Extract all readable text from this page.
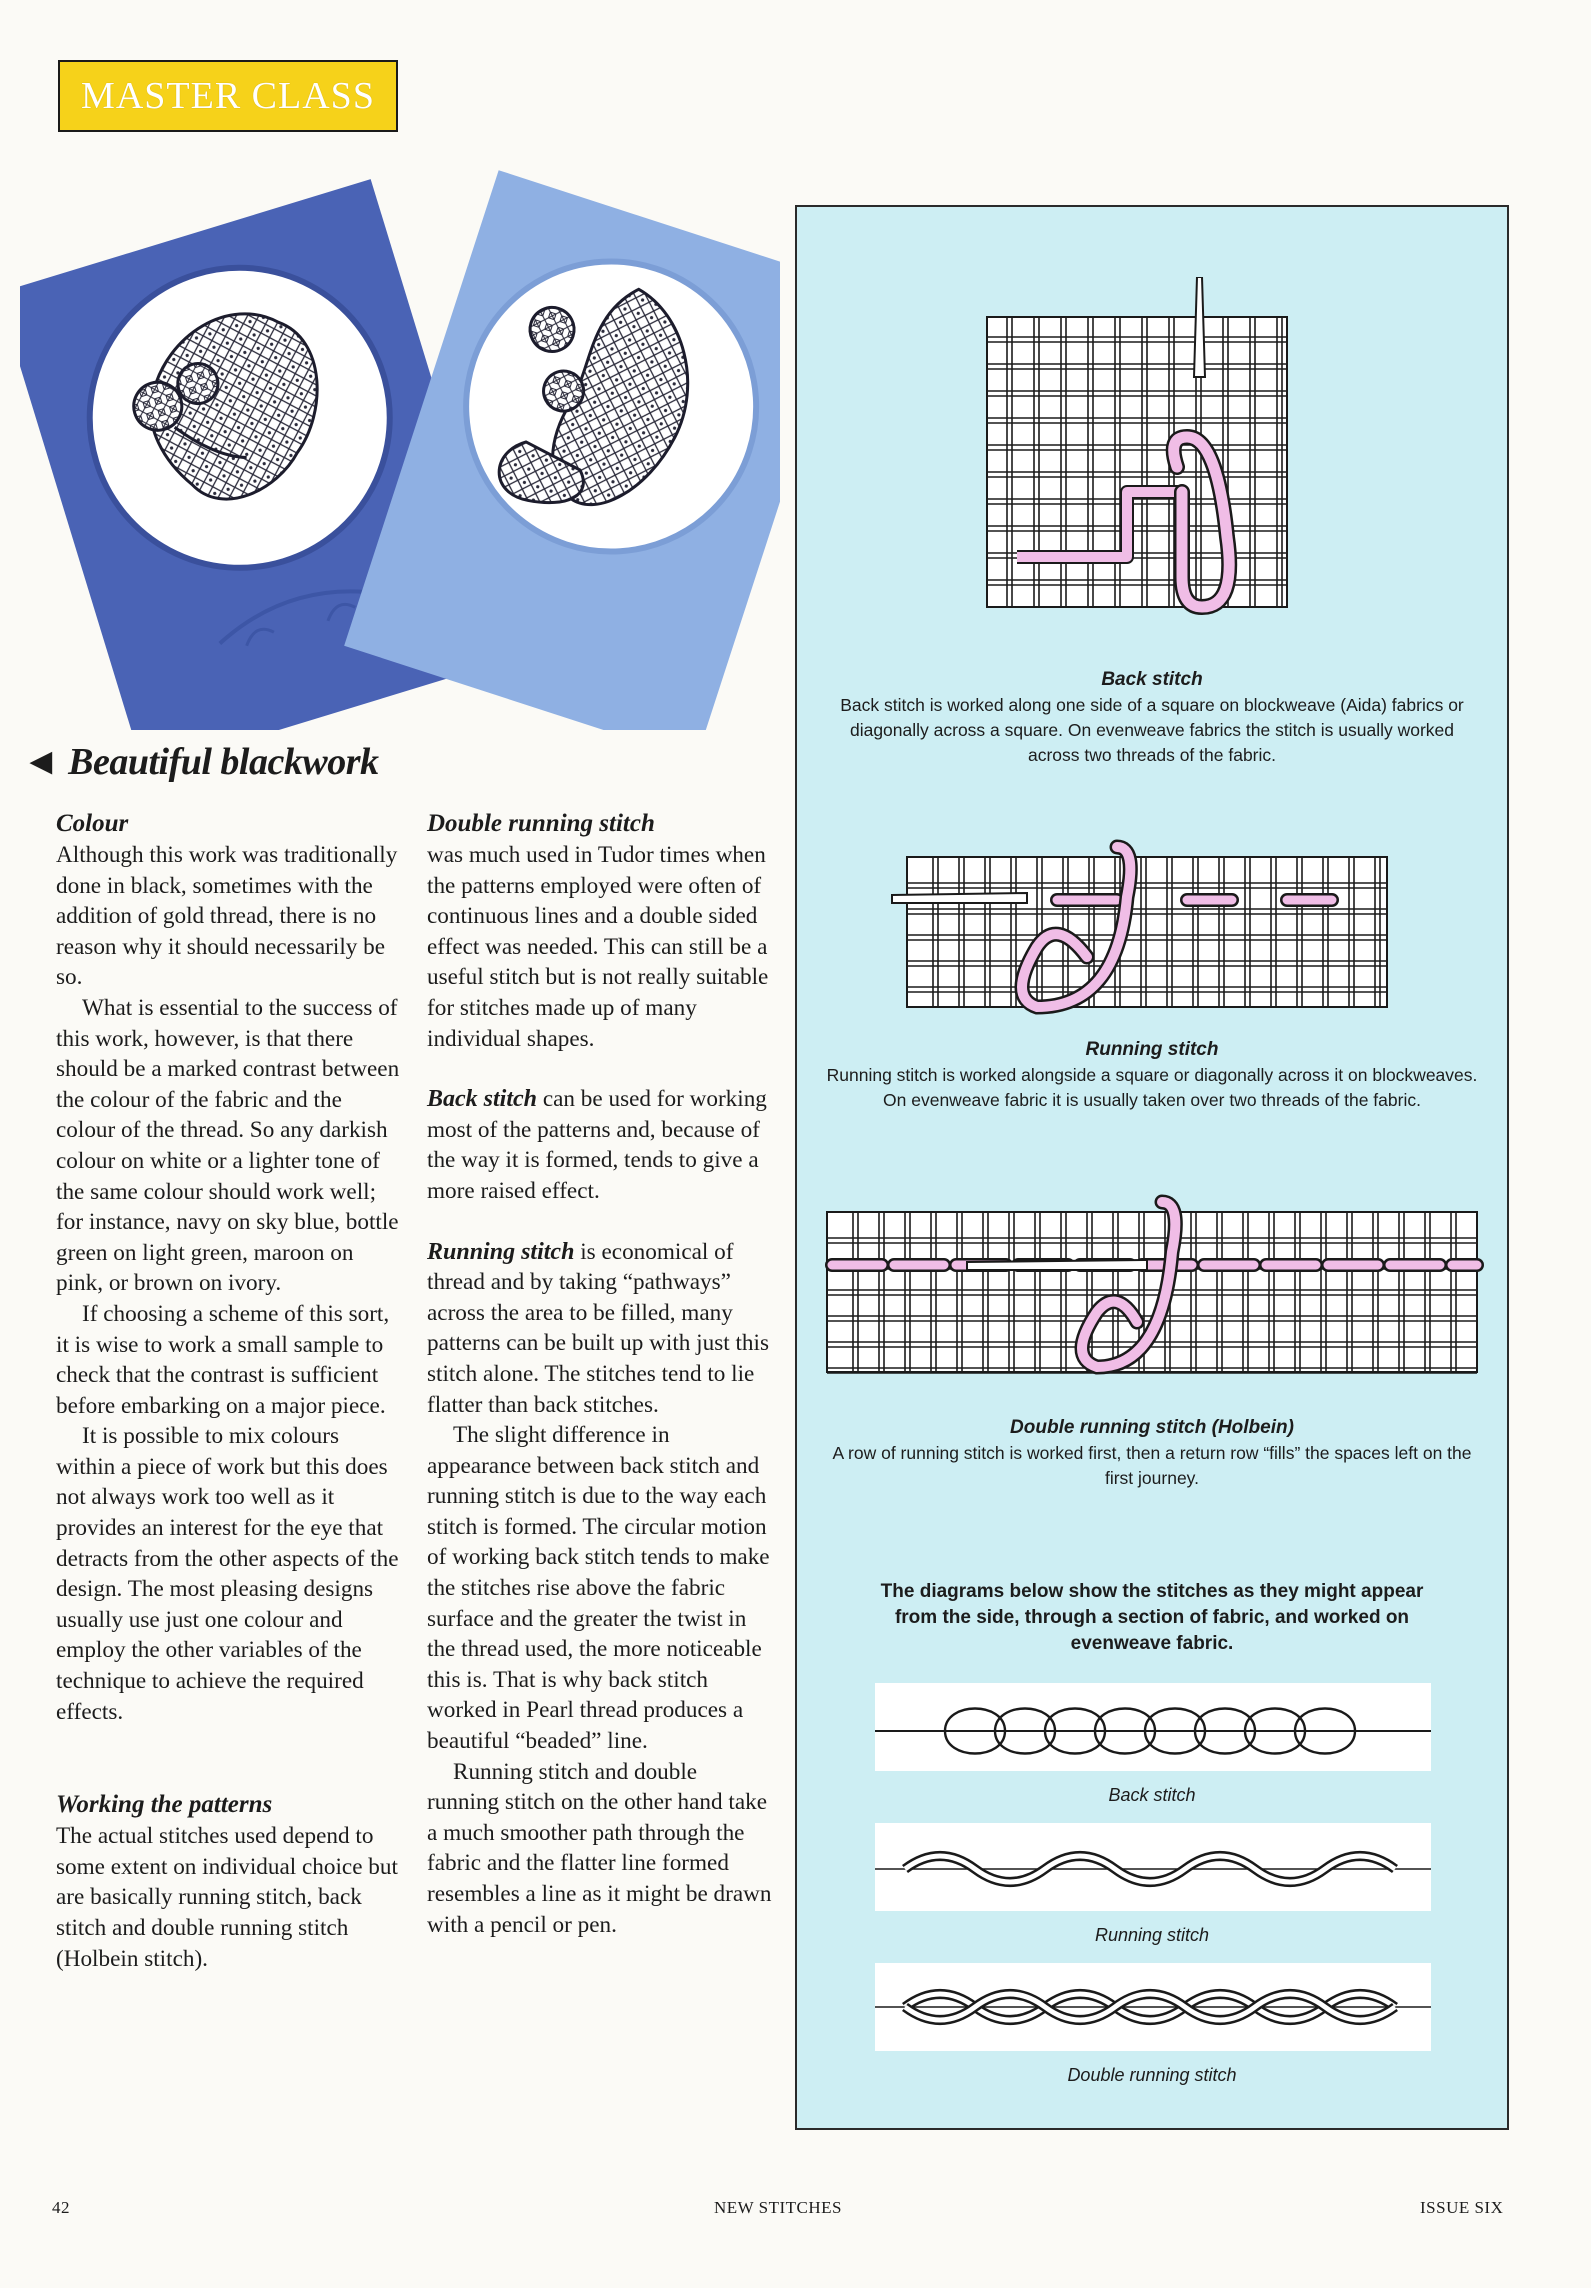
MASTER CLASS
◄ Beautiful blackwork
Colour

Although this work was traditionally done in black, sometimes with the addition of gold thread, there is no reason why it should necessarily be so.

What is essential to the success of this work, however, is that there should be a marked contrast between the colour of the fabric and the colour of the thread. So any darkish colour on white or a lighter tone of the same colour should work well; for instance, navy on sky blue, bottle green on light green, maroon on pink, or brown on ivory.

If choosing a scheme of this sort, it is wise to work a small sample to check that the contrast is sufficient before embarking on a major piece.

It is possible to mix colours within a piece of work but this does not always work too well as it provides an interest for the eye that detracts from the other aspects of the design. The most pleasing designs usually use just one colour and employ the other variables of the technique to achieve the required effects.

Working the patterns

The actual stitches used depend to some extent on individual choice but are basically running stitch, back stitch and double running stitch (Holbein stitch).

Double running stitch

was much used in Tudor times when the patterns employed were often of continuous lines and a double sided effect was needed. This can still be a useful stitch but is not really suitable for stitches made up of many individual shapes.

Back stitch can be used for working most of the patterns and, because of the way it is formed, tends to give a more raised effect.

Running stitch is economical of thread and by taking “pathways” across the area to be filled, many patterns can be built up with just this stitch alone. The stitches tend to lie flatter than back stitches.

The slight difference in appearance between back stitch and running stitch is due to the way each stitch is formed. The circular motion of working back stitch tends to make the stitches rise above the fabric surface and the greater the twist in the thread used, the more noticeable this is. That is why back stitch worked in Pearl thread produces a beautiful “beaded” line.

Running stitch and double running stitch on the other hand take a much smoother path through the fabric and the flatter line formed resembles a line as it might be drawn with a pencil or pen.

Back stitch
Back stitch is worked along one side of a square on blockweave (Aida) fabrics or diagonally across a square. On evenweave fabrics the stitch is usually worked across two threads of the fabric.
Running stitch
Running stitch is worked alongside a square or diagonally across it on blockweaves. On evenweave fabric it is usually taken over two threads of the fabric.
Double running stitch (Holbein)
A row of running stitch is worked first, then a return row “fills” the spaces left on the first journey.
The diagrams below show the stitches as they might appear from the side, through a section of fabric, and worked on evenweave fabric.
Back stitch
Running stitch
Double running stitch
42	NEW STITCHES	ISSUE SIX
